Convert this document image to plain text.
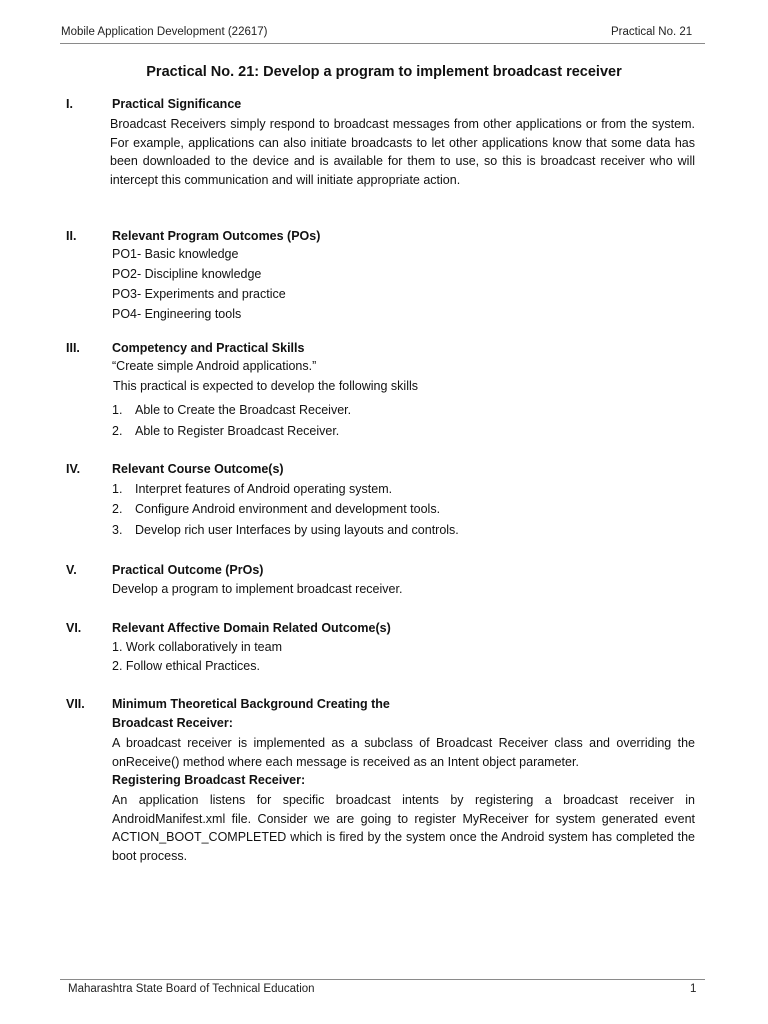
Mobile Application Development (22617)	Practical No. 21
Practical No. 21: Develop a program to implement broadcast receiver
I.	Practical Significance
Broadcast Receivers simply respond to broadcast messages from other applications or from the system. For example, applications can also initiate broadcasts to let other applications know that some data has been downloaded to the device and is available for them to use, so this is broadcast receiver who will intercept this communication and will initiate appropriate action.
II.	Relevant Program Outcomes (POs)
PO1- Basic knowledge
PO2- Discipline knowledge
PO3- Experiments and practice
PO4- Engineering tools
III.	Competency and Practical Skills
“Create simple Android applications.”
This practical is expected to develop the following skills
1. Able to Create the Broadcast Receiver.
2. Able to Register Broadcast Receiver.
IV.	Relevant Course Outcome(s)
1. Interpret features of Android operating system.
2. Configure Android environment and development tools.
3. Develop rich user Interfaces by using layouts and controls.
V.	Practical Outcome (PrOs)
Develop a program to implement broadcast receiver.
VI. Relevant Affective Domain Related Outcome(s)
1. Work collaboratively in team
2. Follow ethical Practices.
VII. Minimum Theoretical Background Creating the
Broadcast Receiver:
A broadcast receiver is implemented as a subclass of Broadcast Receiver class and overriding the onReceive() method where each message is received as an Intent object parameter.
Registering Broadcast Receiver:
An application listens for specific broadcast intents by registering a broadcast receiver in AndroidManifest.xml file. Consider we are going to register MyReceiver for system generated event ACTION_BOOT_COMPLETED which is fired by the system once the Android system has completed the boot process.
Maharashtra State Board of Technical Education	1
